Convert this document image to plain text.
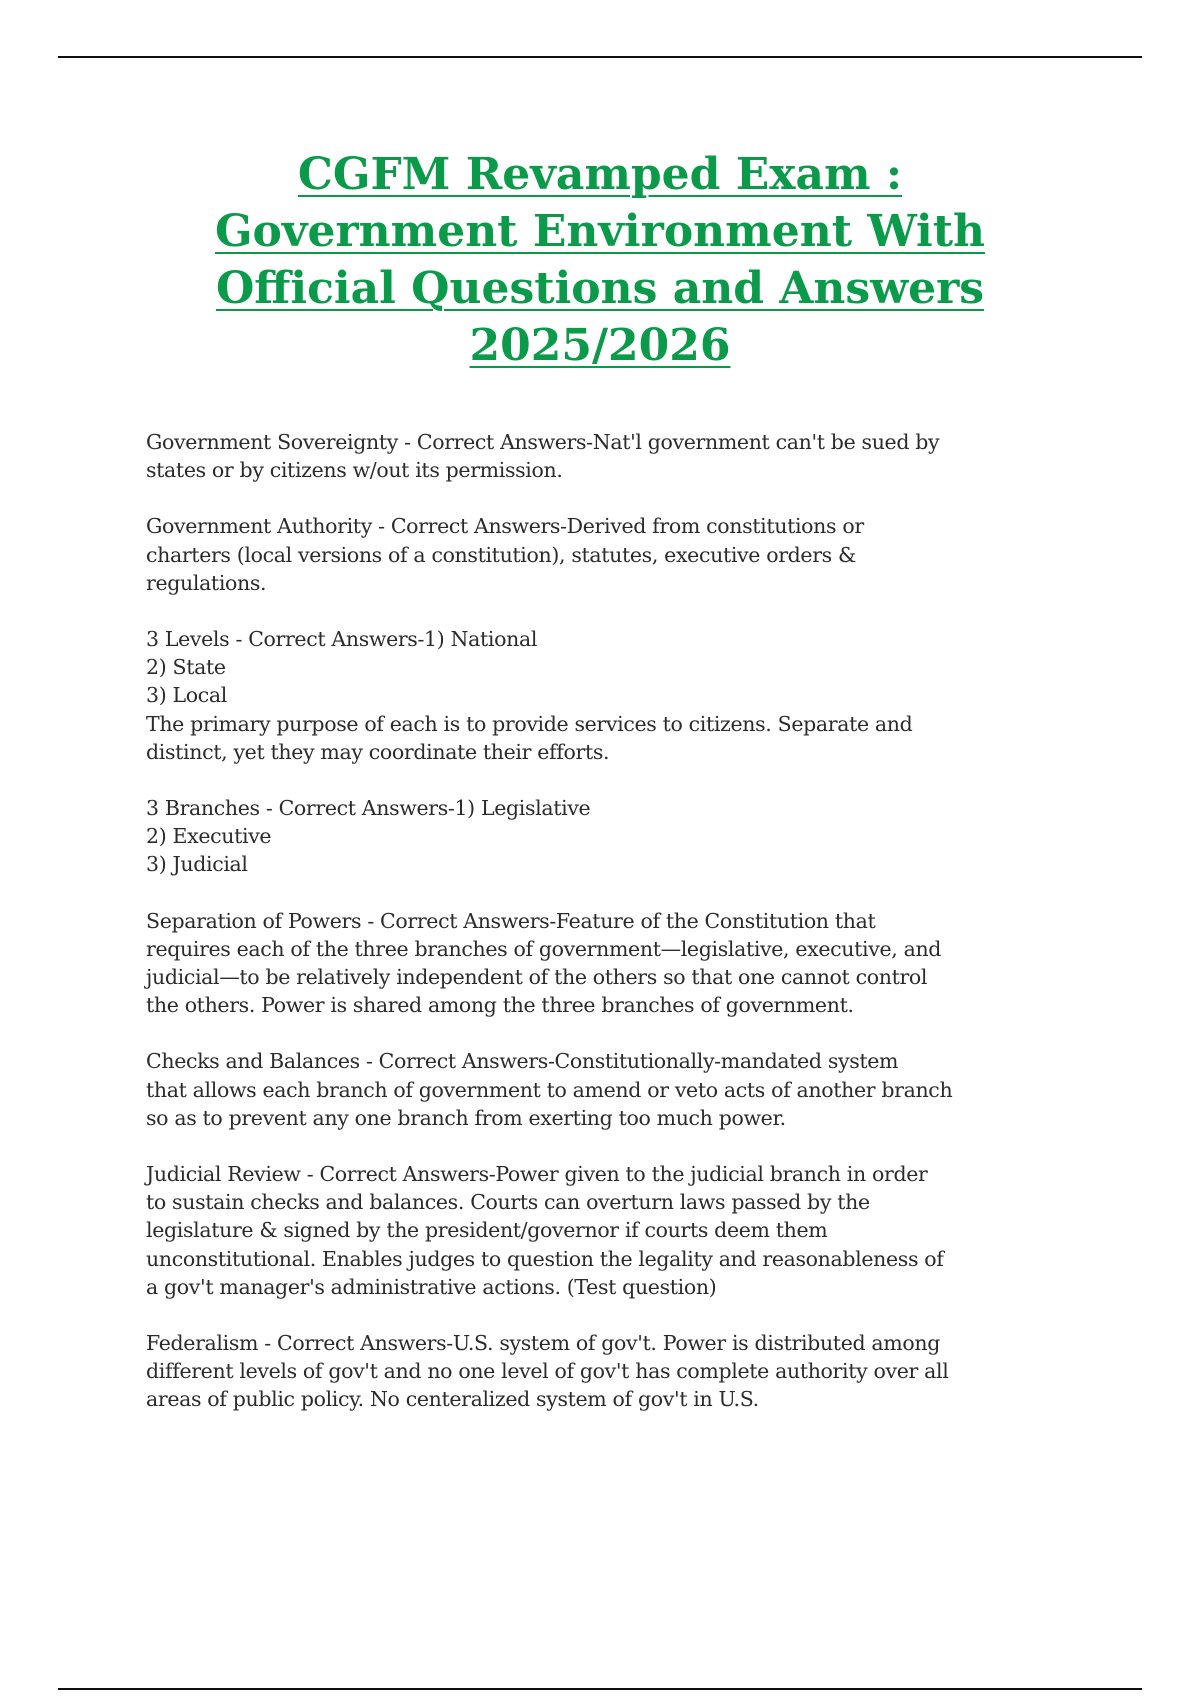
CGFM Revamped Exam :
Government Environment With
Official Questions and Answers
2025/2026

Government Sovereignty - Correct Answers-Nat'l government can't be sued by
states or by citizens w/out its permission.

Government Authority - Correct Answers-Derived from constitutions or
charters (local versions of a constitution), statutes, executive orders &
regulations.

3 Levels - Correct Answers-1) National
2) State
3) Local
The primary purpose of each is to provide services to citizens. Separate and
distinct, yet they may coordinate their efforts.

3 Branches - Correct Answers-1) Legislative
2) Executive
3) Judicial

Separation of Powers - Correct Answers-Feature of the Constitution that
requires each of the three branches of government—legislative, executive, and
judicial—to be relatively independent of the others so that one cannot control
the others. Power is shared among the three branches of government.

Checks and Balances - Correct Answers-Constitutionally-mandated system
that allows each branch of government to amend or veto acts of another branch
so as to prevent any one branch from exerting too much power.

Judicial Review - Correct Answers-Power given to the judicial branch in order
to sustain checks and balances. Courts can overturn laws passed by the
legislature & signed by the president/governor if courts deem them
unconstitutional. Enables judges to question the legality and reasonableness of
a gov't manager's administrative actions. (Test question)

Federalism - Correct Answers-U.S. system of gov't. Power is distributed among
different levels of gov't and no one level of gov't has complete authority over all
areas of public policy. No centeralized system of gov't in U.S.
